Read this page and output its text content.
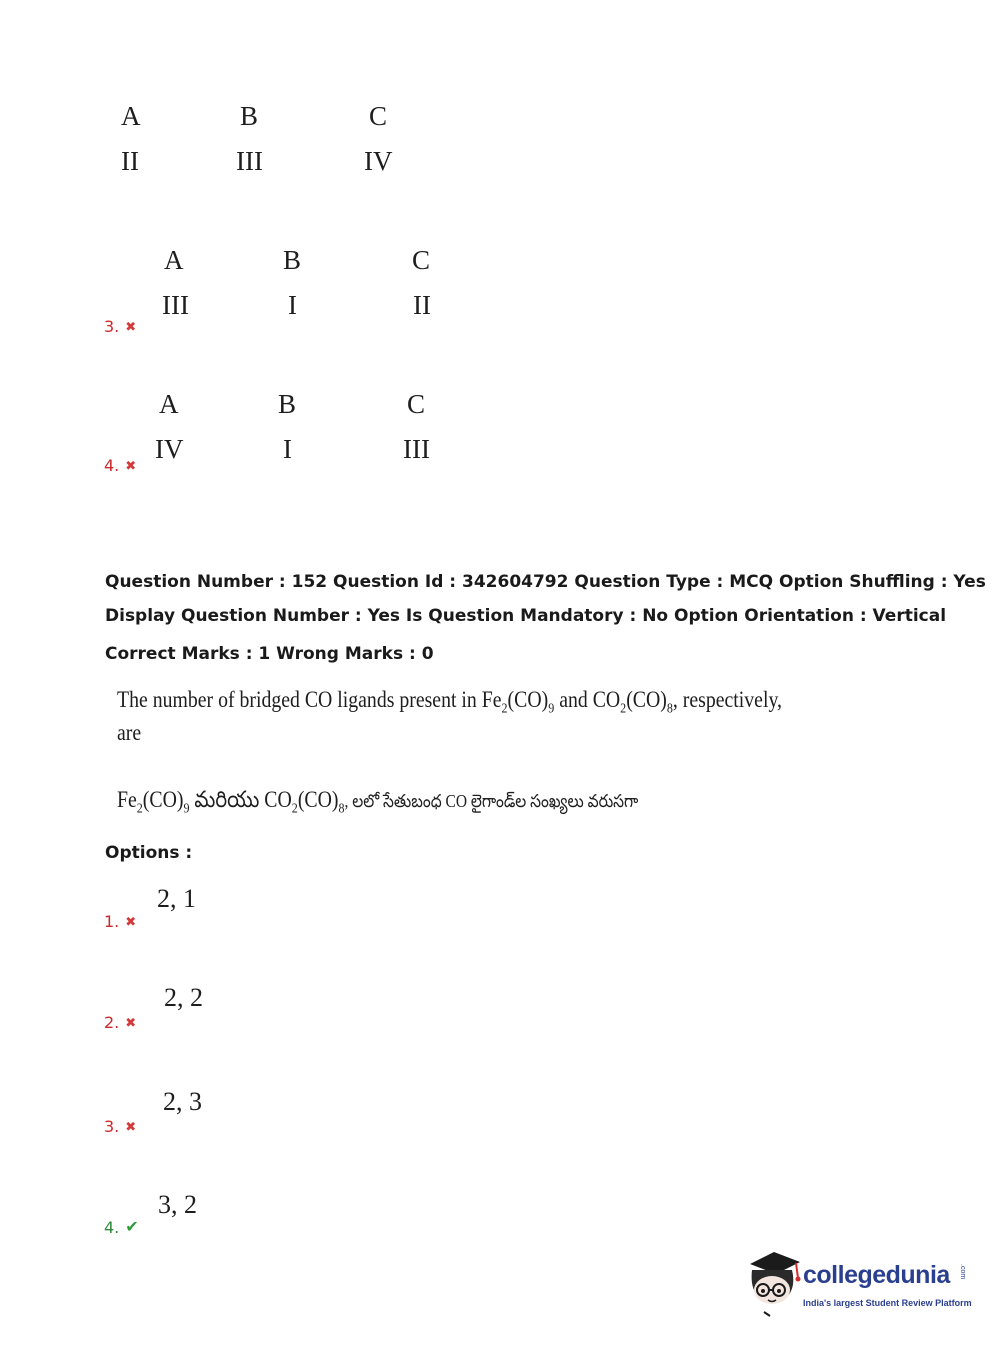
A	B	C
II	III	IV
A	B	C
III	I	II
3. ✖
A	B	C
IV	I	III
4. ✖
Question Number : 152 Question Id : 342604792 Question Type : MCQ Option Shuffling : Yes
Display Question Number : Yes Is Question Mandatory : No Option Orientation : Vertical
Correct Marks : 1 Wrong Marks : 0
The number of bridged CO ligands present in $Fe_2(CO)_9$ and $CO_2(CO)_8$, respectively,
are
$Fe_2(CO)_9$ మరియు $CO_2(CO)_8$, లలో సేతుబంధ CO లైగాండ్‌ల సంఖ్యలు వరుసగా
Options :
2, 1
1. ✖
2, 2
2. ✖
2, 3
3. ✖
3, 2
4. ✔
collegedunia .com
India's largest Student Review Platform
